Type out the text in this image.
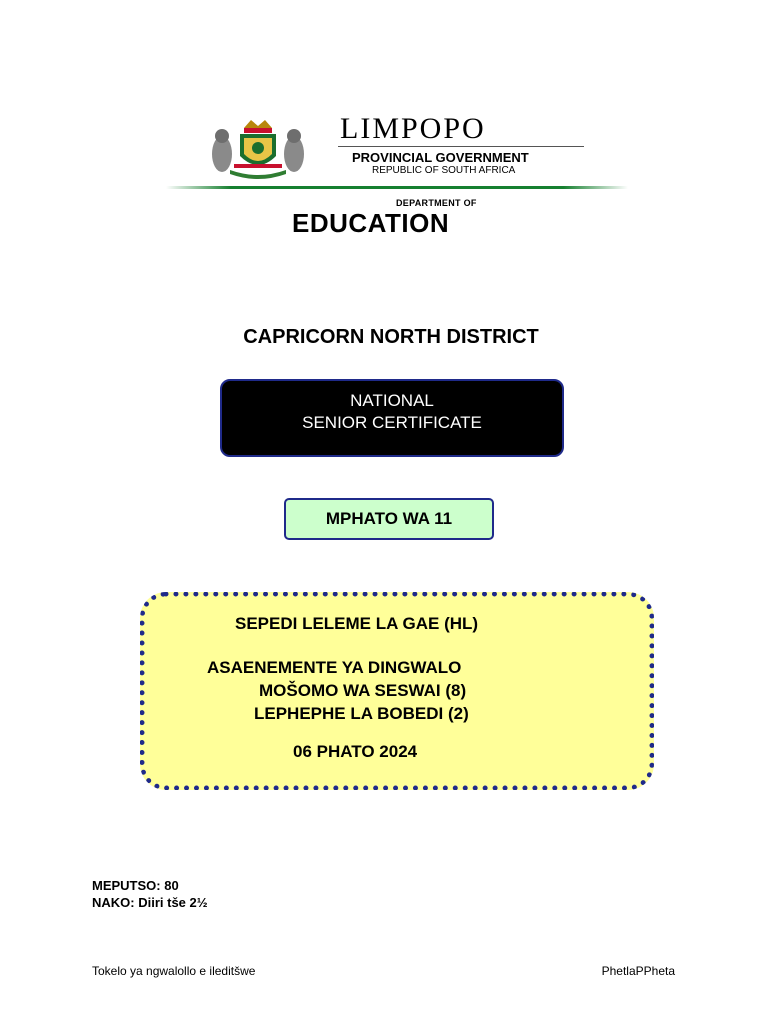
LIMPOPO
PROVINCIAL GOVERNMENT
REPUBLIC OF SOUTH AFRICA
DEPARTMENT OF
EDUCATION
CAPRICORN NORTH DISTRICT
NATIONAL
SENIOR CERTIFICATE
MPHATO WA 11
SEPEDI LELEME LA GAE (HL)
ASAENEMENTE YA DINGWALO
MOŠOMO WA SESWAI (8)
LEPHEPHE LA BOBEDI (2)
06 PHATO 2024
MEPUTSO: 80
NAKO: Diiri tše 2½
Tokelo ya ngwalollo e ileditšwe	PhetlaPPheta
